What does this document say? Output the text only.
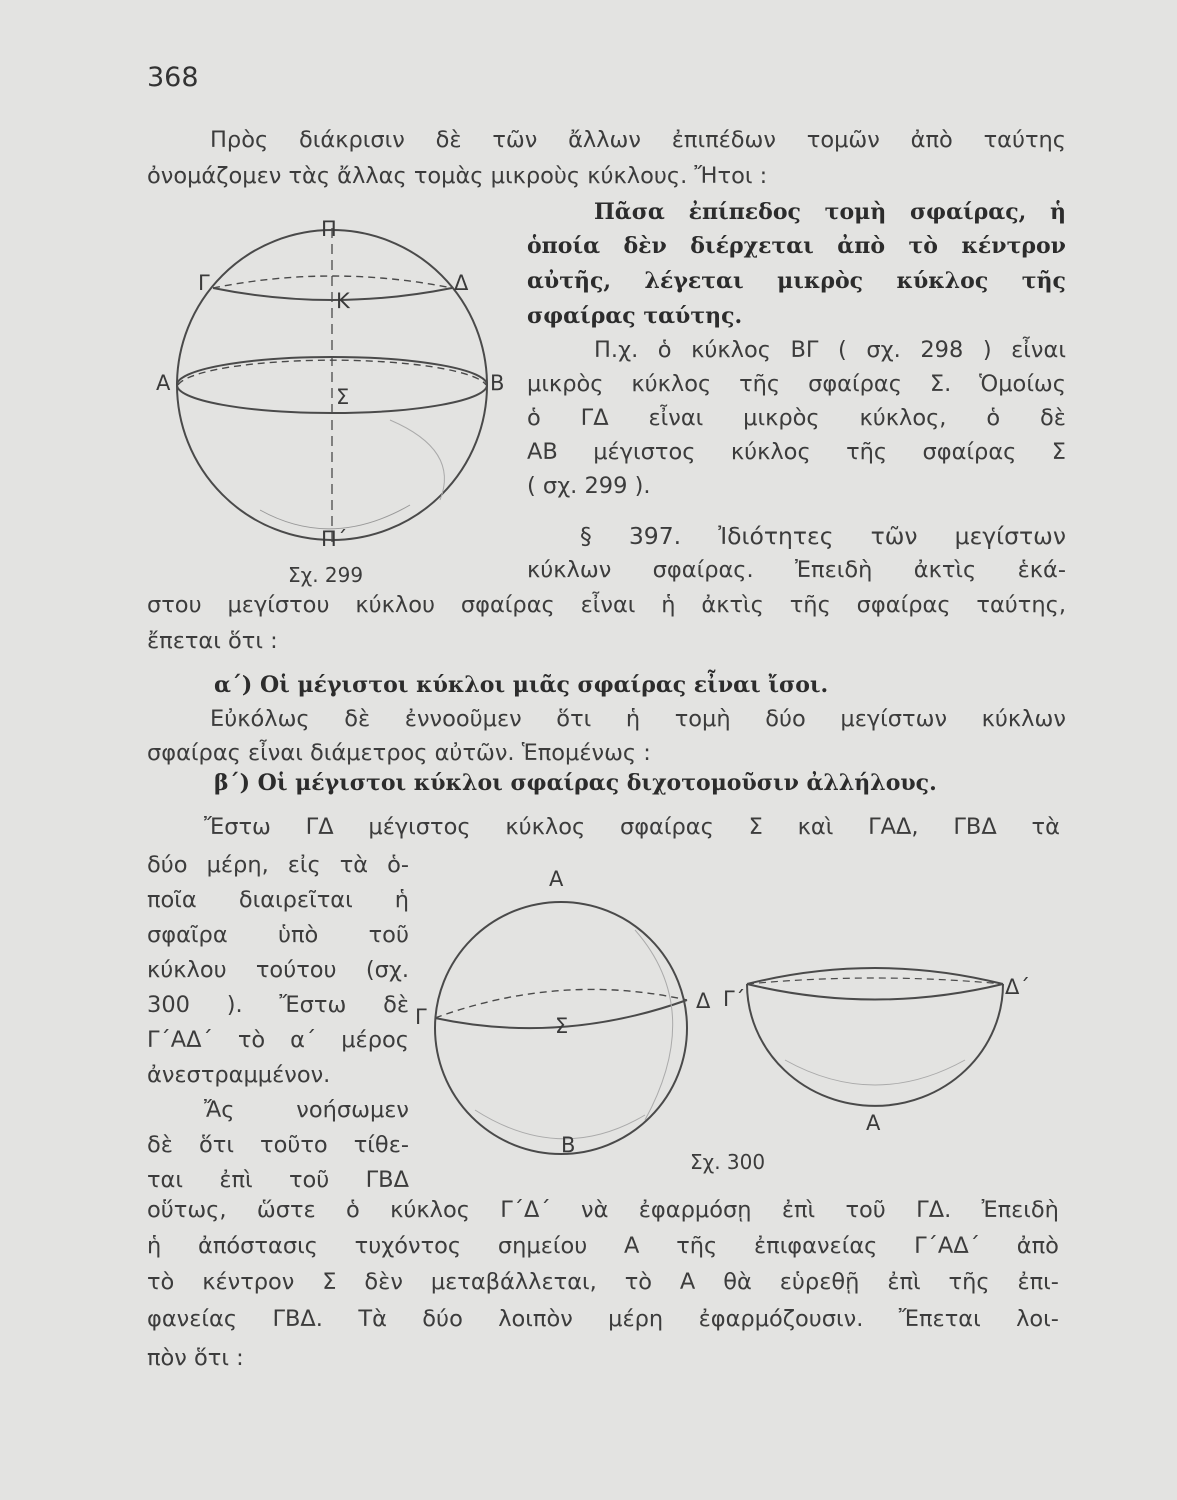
368
Πρὸς διάκρισιν δὲ τῶν ἄλλων ἐπιπέδων τομῶν ἀπὸ ταύτης
ὀνομάζομεν τὰς ἄλλας τομὰς μικροὺς κύκλους. Ἤτοι :
Πᾶσα ἐπίπεδος τομὴ σφαίρας, ἡ
ὁποία δὲν διέρχεται ἀπὸ τὸ κέντρον
αὐτῆς, λέγεται μικρὸς κύκλος τῆς
σφαίρας ταύτης.
Π.χ. ὁ κύκλος ΒΓ ( σχ. 298 ) εἶναι
μικρὸς κύκλος τῆς σφαίρας Σ. Ὁμοίως
ὁ ΓΔ εἶναι μικρὸς κύκλος, ὁ δὲ
ΑΒ μέγιστος κύκλος τῆς σφαίρας Σ
( σχ. 299 ).
§ 397. Ἰδιότητες τῶν μεγίστων
κύκλων σφαίρας. Ἐπειδὴ ἀκτὶς ἑκά-
στου μεγίστου κύκλου σφαίρας εἶναι ἡ ἀκτὶς τῆς σφαίρας ταύτης,
ἔπεται ὅτι :
α΄) Οἱ μέγιστοι κύκλοι μιᾶς σφαίρας εἶναι ἴσοι.
Εὐκόλως δὲ ἐννοοῦμεν ὅτι ἡ τομὴ δύο μεγίστων κύκλων
σφαίρας εἶναι διάμετρος αὐτῶν. Ἑπομένως :
β΄) Οἱ μέγιστοι κύκλοι σφαίρας διχοτομοῦσιν ἀλλήλους.
Ἔστω ΓΔ μέγιστος κύκλος σφαίρας Σ καὶ ΓΑΔ, ΓΒΔ τὰ
δύο μέρη, εἰς τὰ ὁ-
ποῖα διαιρεῖται ἡ
σφαῖρα ὑπὸ τοῦ
κύκλου τούτου (σχ.
300 ). Ἔστω δὲ
Γ΄ΑΔ΄ τὸ α΄ μέρος
ἀνεστραμμένον.
Ἄς	νοήσωμεν
δὲ ὅτι τοῦτο τίθε-
ται ἐπὶ τοῦ ΓΒΔ
οὕτως, ὥστε ὁ κύκλος Γ΄Δ΄ νὰ ἐφαρμόσῃ ἐπὶ τοῦ ΓΔ. Ἐπειδὴ
ἡ ἀπόστασις τυχόντος σημείου Α τῆς ἐπιφανείας Γ΄ΑΔ΄ ἀπὸ
τὸ κέντρον Σ δὲν μεταβάλλεται, τὸ Α θὰ εὑρεθῇ ἐπὶ τῆς ἐπι-
φανείας ΓΒΔ. Τὰ δύο λοιπὸν μέρη ἐφαρμόζουσιν. Ἔπεται λοι-
πὸν ὅτι :
Π
Κ
Γ	Δ
Α	Β
Σ
Π΄
Σχ. 299
Α
Γ
Δ
Σ
Β
Γ΄	Δ΄
Α
Σχ. 300
